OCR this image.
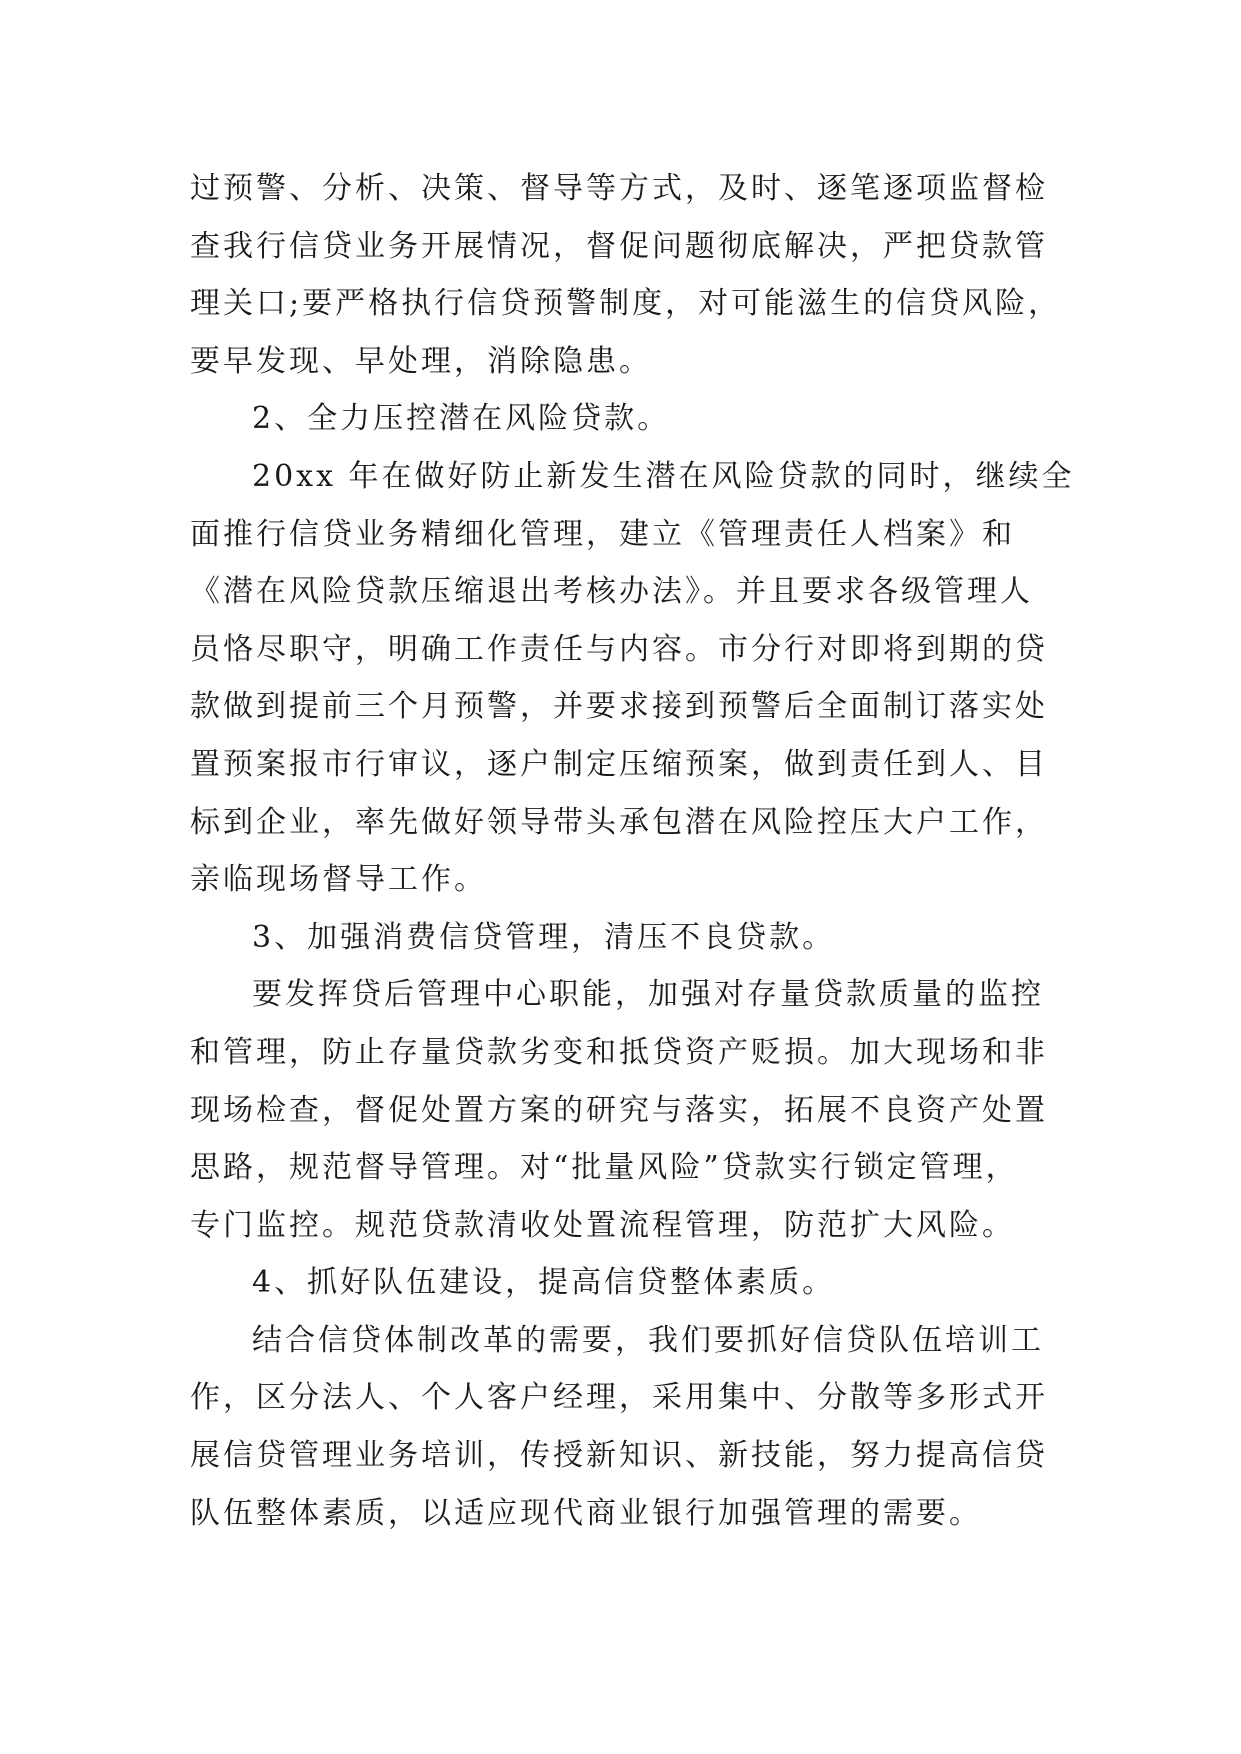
过预警、分析、决策、督导等方式，及时、逐笔逐项监督检
查我行信贷业务开展情况，督促问题彻底解决，严把贷款管
理关口;要严格执行信贷预警制度，对可能滋生的信贷风险，
要早发现、早处理，消除隐患。

2、全力压控潜在风险贷款。

20xx 年在做好防止新发生潜在风险贷款的同时，继续全
面推行信贷业务精细化管理，建立《管理责任人档案》和
《潜在风险贷款压缩退出考核办法》。并且要求各级管理人
员恪尽职守，明确工作责任与内容。市分行对即将到期的贷
款做到提前三个月预警，并要求接到预警后全面制订落实处
置预案报市行审议，逐户制定压缩预案，做到责任到人、目
标到企业，率先做好领导带头承包潜在风险控压大户工作，
亲临现场督导工作。

3、加强消费信贷管理，清压不良贷款。

要发挥贷后管理中心职能，加强对存量贷款质量的监控
和管理，防止存量贷款劣变和抵贷资产贬损。加大现场和非
现场检查，督促处置方案的研究与落实，拓展不良资产处置
思路，规范督导管理。对“批量风险”贷款实行锁定管理，
专门监控。规范贷款清收处置流程管理，防范扩大风险。

4、抓好队伍建设，提高信贷整体素质。

结合信贷体制改革的需要，我们要抓好信贷队伍培训工
作，区分法人、个人客户经理，采用集中、分散等多形式开
展信贷管理业务培训，传授新知识、新技能，努力提高信贷
队伍整体素质，以适应现代商业银行加强管理的需要。
